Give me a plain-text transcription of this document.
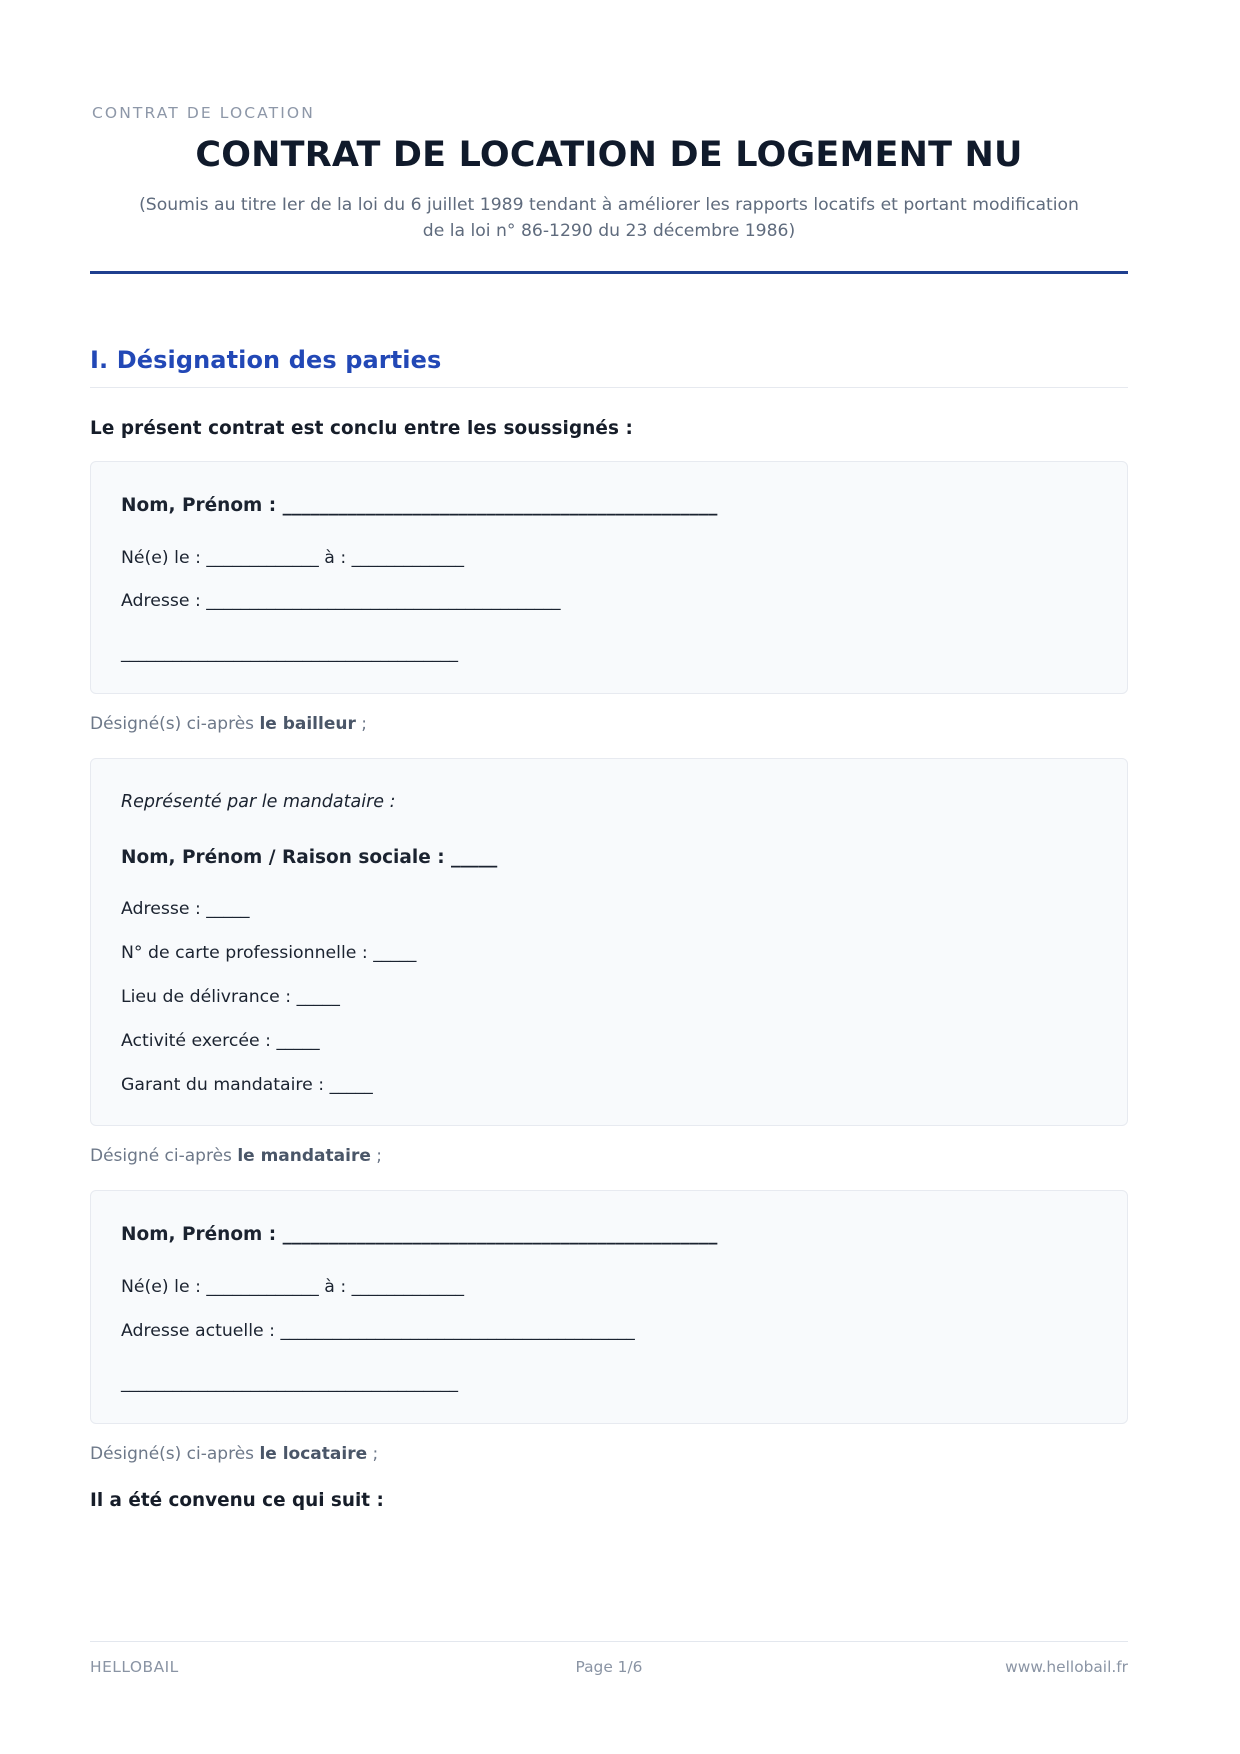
CONTRAT DE LOCATION
CONTRAT DE LOCATION DE LOGEMENT NU

(Soumis au titre Ier de la loi du 6 juillet 1989 tendant à améliorer les rapports locatifs et portant modification de la loi n° 86-1290 du 23 décembre 1986)

I. Désignation des parties

Le présent contrat est conclu entre les soussignés :

Nom, Prénom : _______________________________________________
Né(e) le : _____________ à : _____________
Adresse : _________________________________________
_______________________________________

Désigné(s) ci-après le bailleur ;

Représenté par le mandataire :
Nom, Prénom / Raison sociale : _____
Adresse : _____
N° de carte professionnelle : _____
Lieu de délivrance : _____
Activité exercée : _____
Garant du mandataire : _____

Désigné ci-après le mandataire ;

Nom, Prénom : _______________________________________________
Né(e) le : _____________ à : _____________
Adresse actuelle : _________________________________________
_______________________________________

Désigné(s) ci-après le locataire ;

Il a été convenu ce qui suit :

HELLOBAIL	Page 1/6	www.hellobail.fr
